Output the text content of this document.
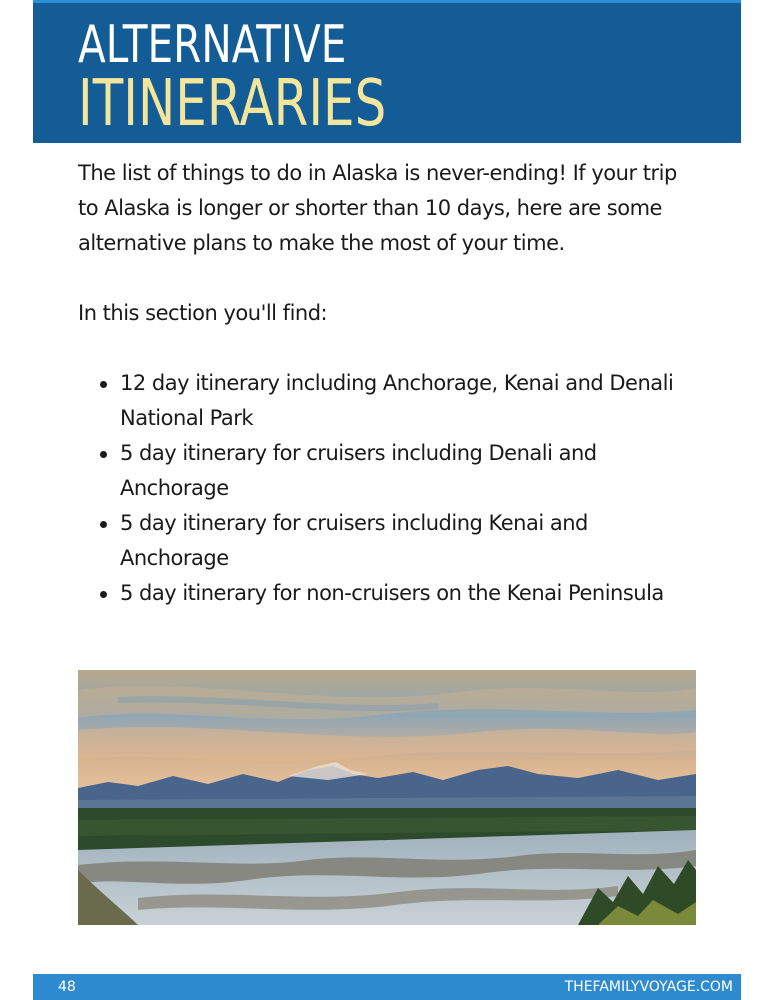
ALTERNATIVE
ITINERARIES

The list of things to do in Alaska is never-ending! If your trip to Alaska is longer or shorter than 10 days, here are some alternative plans to make the most of your time.

In this section you'll find:

12 day itinerary including Anchorage, Kenai and Denali National Park
5 day itinerary for cruisers including Denali and Anchorage
5 day itinerary for cruisers including Kenai and Anchorage
5 day itinerary for non-cruisers on the Kenai Peninsula
48	THEFAMILYVOYAGE.COM
